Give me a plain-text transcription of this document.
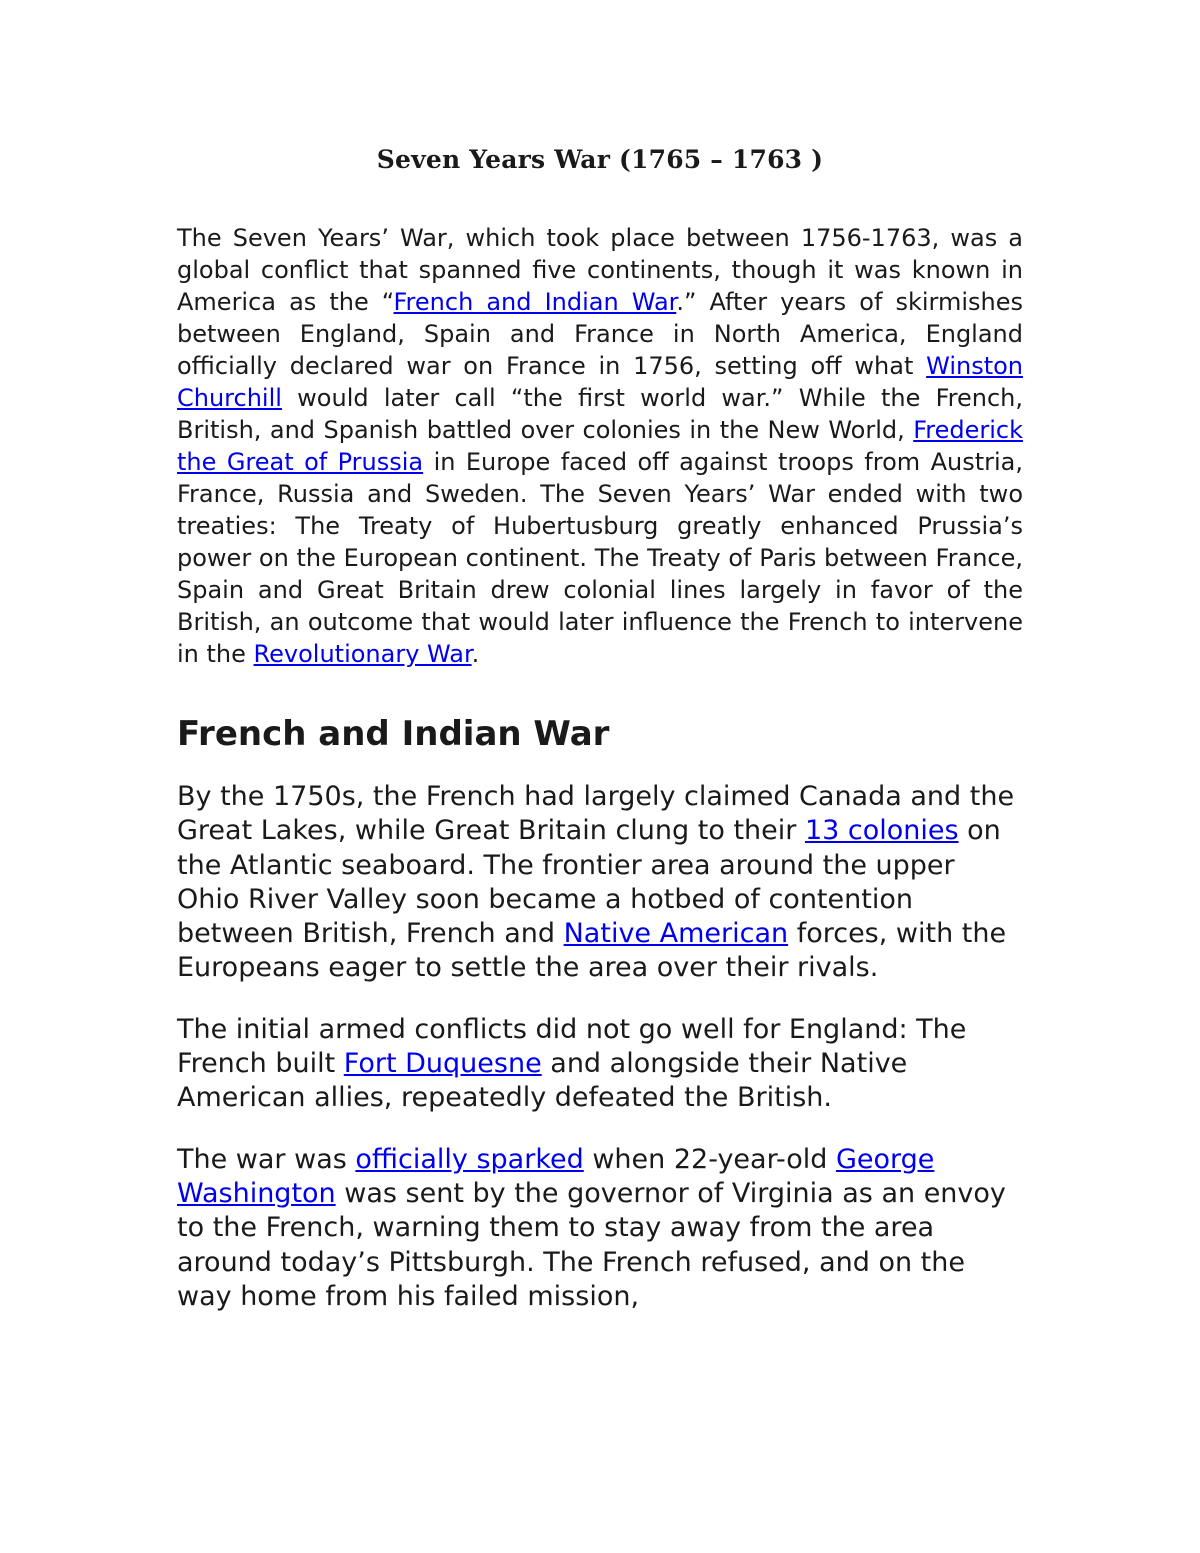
Seven Years War (1765 – 1763 )

The Seven Years’ War, which took place between 1756-1763, was a global conflict that spanned five continents, though it was known in America as the “French and Indian War.” After years of skirmishes between England, Spain and France in North America, England officially declared war on France in 1756, setting off what Winston Churchill would later call “the first world war.” While the French, British, and Spanish battled over colonies in the New World, Frederick the Great of Prussia in Europe faced off against troops from Austria, France, Russia and Sweden. The Seven Years’ War ended with two treaties: The Treaty of Hubertusburg greatly enhanced Prussia’s power on the European continent. The Treaty of Paris between France, Spain and Great Britain drew colonial lines largely in favor of the British, an outcome that would later influence the French to intervene in the Revolutionary War.

French and Indian War

By the 1750s, the French had largely claimed Canada and the Great Lakes, while Great Britain clung to their 13 colonies on the Atlantic seaboard. The frontier area around the upper Ohio River Valley soon became a hotbed of contention between British, French and Native American forces, with the Europeans eager to settle the area over their rivals.

The initial armed conflicts did not go well for England: The French built Fort Duquesne and alongside their Native American allies, repeatedly defeated the British.

The war was officially sparked when 22-year-old George Washington was sent by the governor of Virginia as an envoy to the French, warning them to stay away from the area around today’s Pittsburgh. The French refused, and on the way home from his failed mission,
